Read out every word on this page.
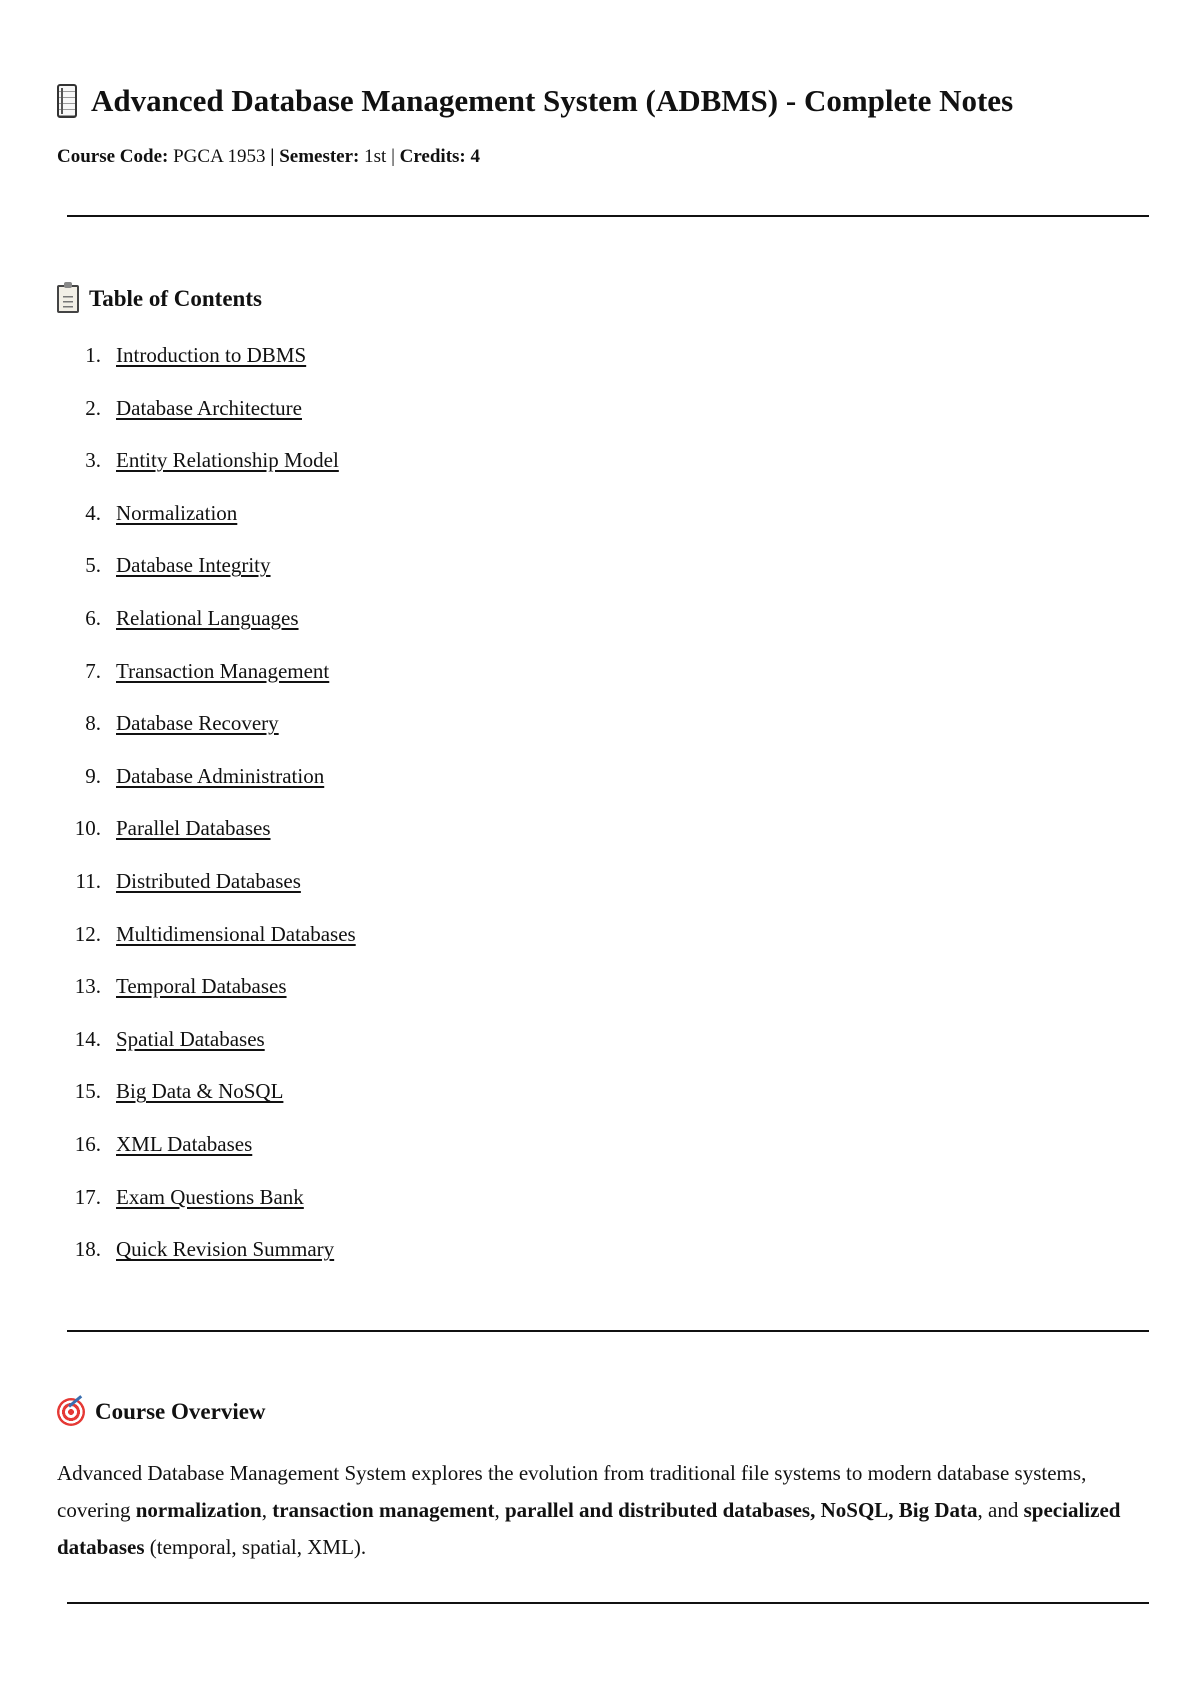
Advanced Database Management System (ADBMS) - Complete Notes
Course Code: PGCA 1953 | Semester: 1st | Credits: 4
Table of Contents
1. Introduction to DBMS
2. Database Architecture
3. Entity Relationship Model
4. Normalization
5. Database Integrity
6. Relational Languages
7. Transaction Management
8. Database Recovery
9. Database Administration
10. Parallel Databases
11. Distributed Databases
12. Multidimensional Databases
13. Temporal Databases
14. Spatial Databases
15. Big Data & NoSQL
16. XML Databases
17. Exam Questions Bank
18. Quick Revision Summary
Course Overview

Advanced Database Management System explores the evolution from traditional file systems to modern database systems, covering normalization, transaction management, parallel and distributed databases, NoSQL, Big Data, and specialized databases (temporal, spatial, XML).
